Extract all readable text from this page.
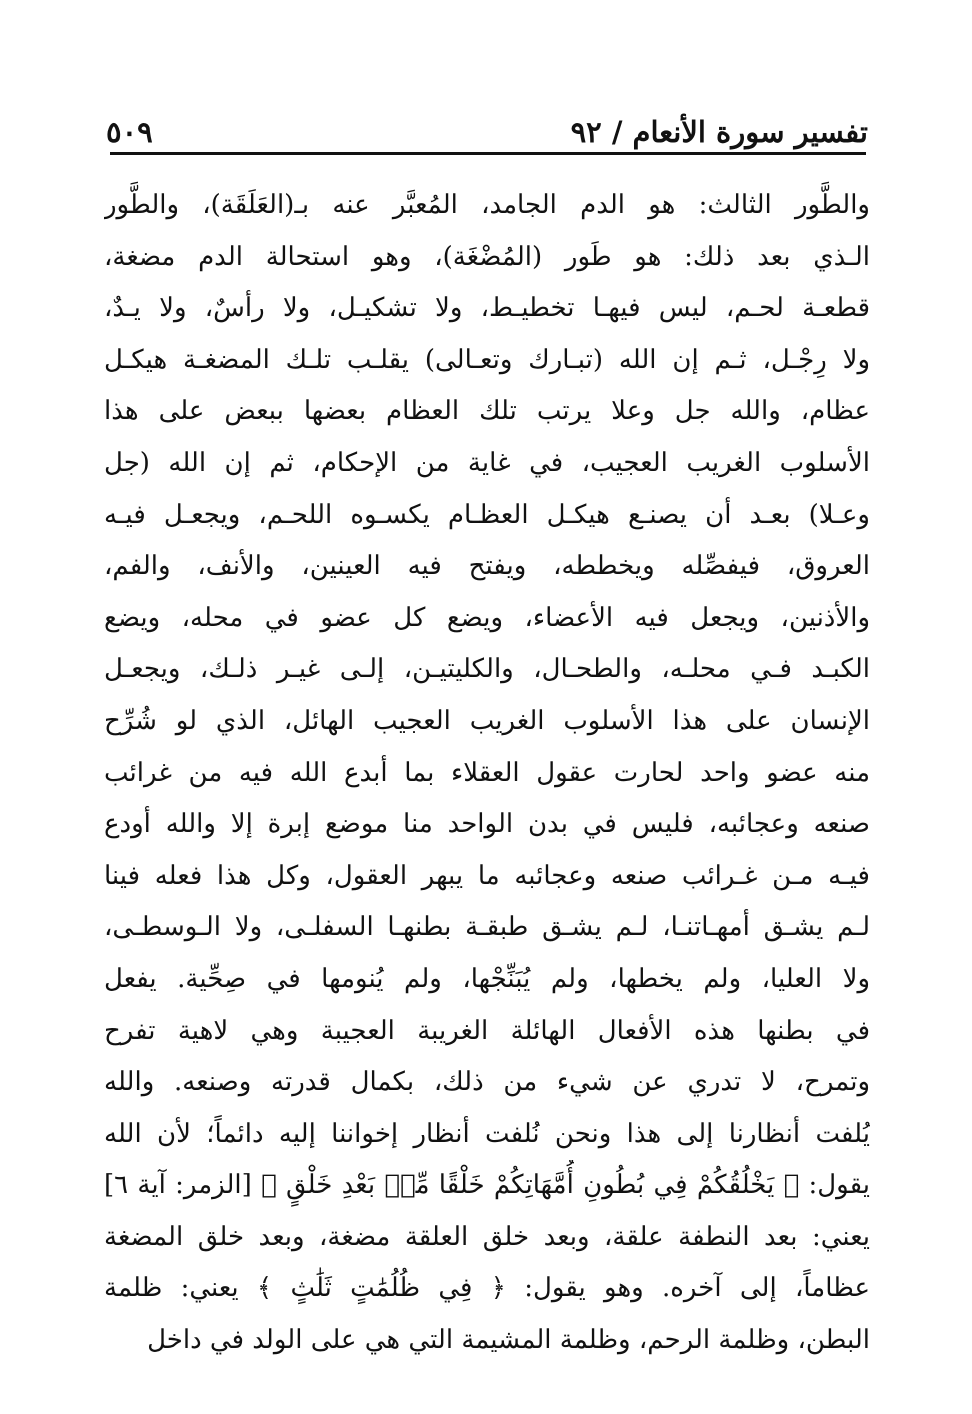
تفسير سورة الأنعام / ٩٢
٥٠٩
والطَّور الثالث: هو الدم الجامد، المُعبَّر عنه بـ(العَلَقَة)، والطَّور
الـذي بعد ذلك: هو طَور (المُضْغَة)، وهو استحالة الدم مضغة،
قطعـة لحـم، ليس فيهـا تخطيـط، ولا تشكيـل، ولا رأسٌ، ولا يـدٌ،
ولا رِجْـل، ثـم إن الله (تبـارك وتعـالى) يقلـب تلـك المضغـة هيكـل
عظام، والله جل وعلا يرتب تلك العظام بعضها ببعض على هذا
الأسلوب الغريب العجيب، في غاية من الإحكام، ثم إن الله (جل
وعـلا) بعـد أن يصنـع هيكـل العظـام يكسـوه اللحـم، ويجعـل فيـه
العروق، فيفصِّله ويخططه، ويفتح فيه العينين، والأنف، والفم،
والأذنين، ويجعل فيه الأعضاء، ويضع كل عضو في محله، ويضع
الكبـد فـي محلـه، والطحـال، والكليتيـن، إلـى غيـر ذلـك، ويجعـل
الإنسان على هذا الأسلوب الغريب العجيب الهائل، الذي لو شُرِّح
منه عضو واحد لحارت عقول العقلاء بما أبدع الله فيه من غرائب
صنعه وعجائبه، فليس في بدن الواحد منا موضع إبرة إلا والله أودع
فيـه مـن غـرائب صنعه وعجائبه ما يبهر العقول، وكل هذا فعله فينا
لـم يشـق أمهـاتنـا، لـم يشـق طبقـة بطنهـا السفلـى، ولا الـوسطـى،
ولا العليا، ولم يخطها، ولم يُبَنِّجْها، ولم يُنومها في صِحِّية. يفعل
في بطنها هذه الأفعال الهائلة الغريبة العجيبة وهي لاهية تفرح
وتمرح، لا تدري عن شيء من ذلك، بكمال قدرته وصنعه. والله
يُلفت أنظارنا إلى هذا ونحن نُلفت أنظار إخواننا إليه دائماً؛ لأن الله
يقول: ﴿ يَخْلُقُكُمْ فِي بُطُونِ أُمَّهَاتِكُمْ خَلْقًا مِّنۢ بَعْدِ خَلْقٍ ﴾ [الزمر: آية ٦]
يعني: بعد النطفة علقة، وبعد خلق العلقة مضغة، وبعد خلق المضغة
عظاماً، إلى آخره. وهو يقول: ﴿ فِي ظُلُمَٰتٍ ثَلَٰثٍ ﴾ يعني: ظلمة
البطن، وظلمة الرحم، وظلمة المشيمة التي هي على الولد في داخل
